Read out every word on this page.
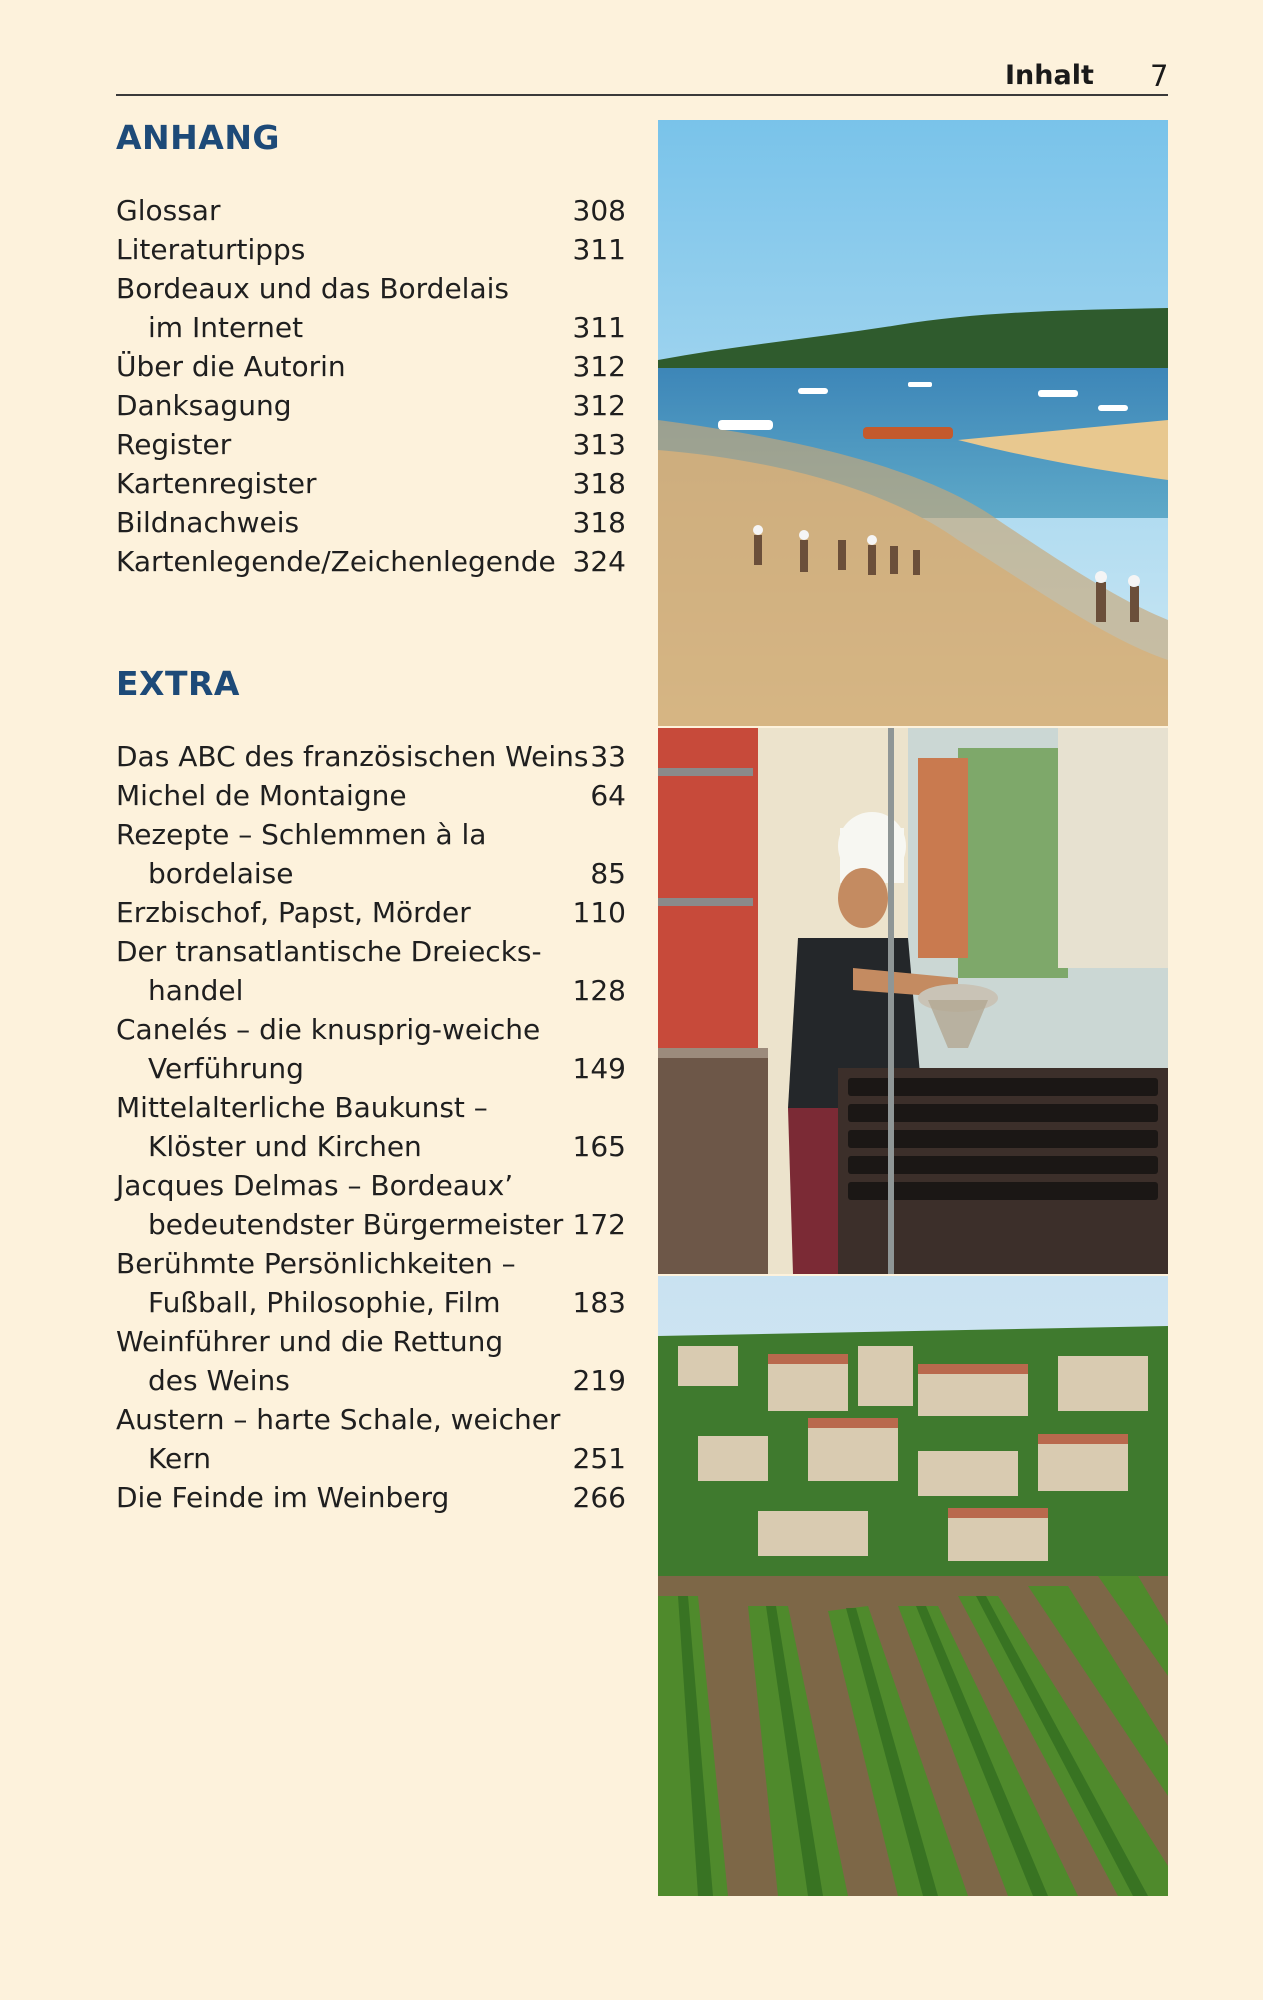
Inhalt 7
ANHANG
Glossar	308
Literaturtipps	311
Bordeaux und das Bordelais
im Internet	311
Über die Autorin	312
Danksagung	312
Register	313
Kartenregister	318
Bildnachweis	318
Kartenlegende/Zeichenlegende 324
EXTRA
Das ABC des französischen Weins 33
Michel de Montaigne	64
Rezepte – Schlemmen à la
bordelaise	85
Erzbischof, Papst, Mörder	110
Der transatlantische Dreiecks-
handel	128
Canelés – die knusprig-weiche
Verführung	149
Mittelalterliche Baukunst –
Klöster und Kirchen	165
Jacques Delmas – Bordeaux’
bedeutendster Bürgermeister 172
Berühmte Persönlichkeiten –
Fußball, Philosophie, Film	183
Weinführer und die Rettung
des Weins	219
Austern – harte Schale, weicher
Kern	251
Die Feinde im Weinberg	266
